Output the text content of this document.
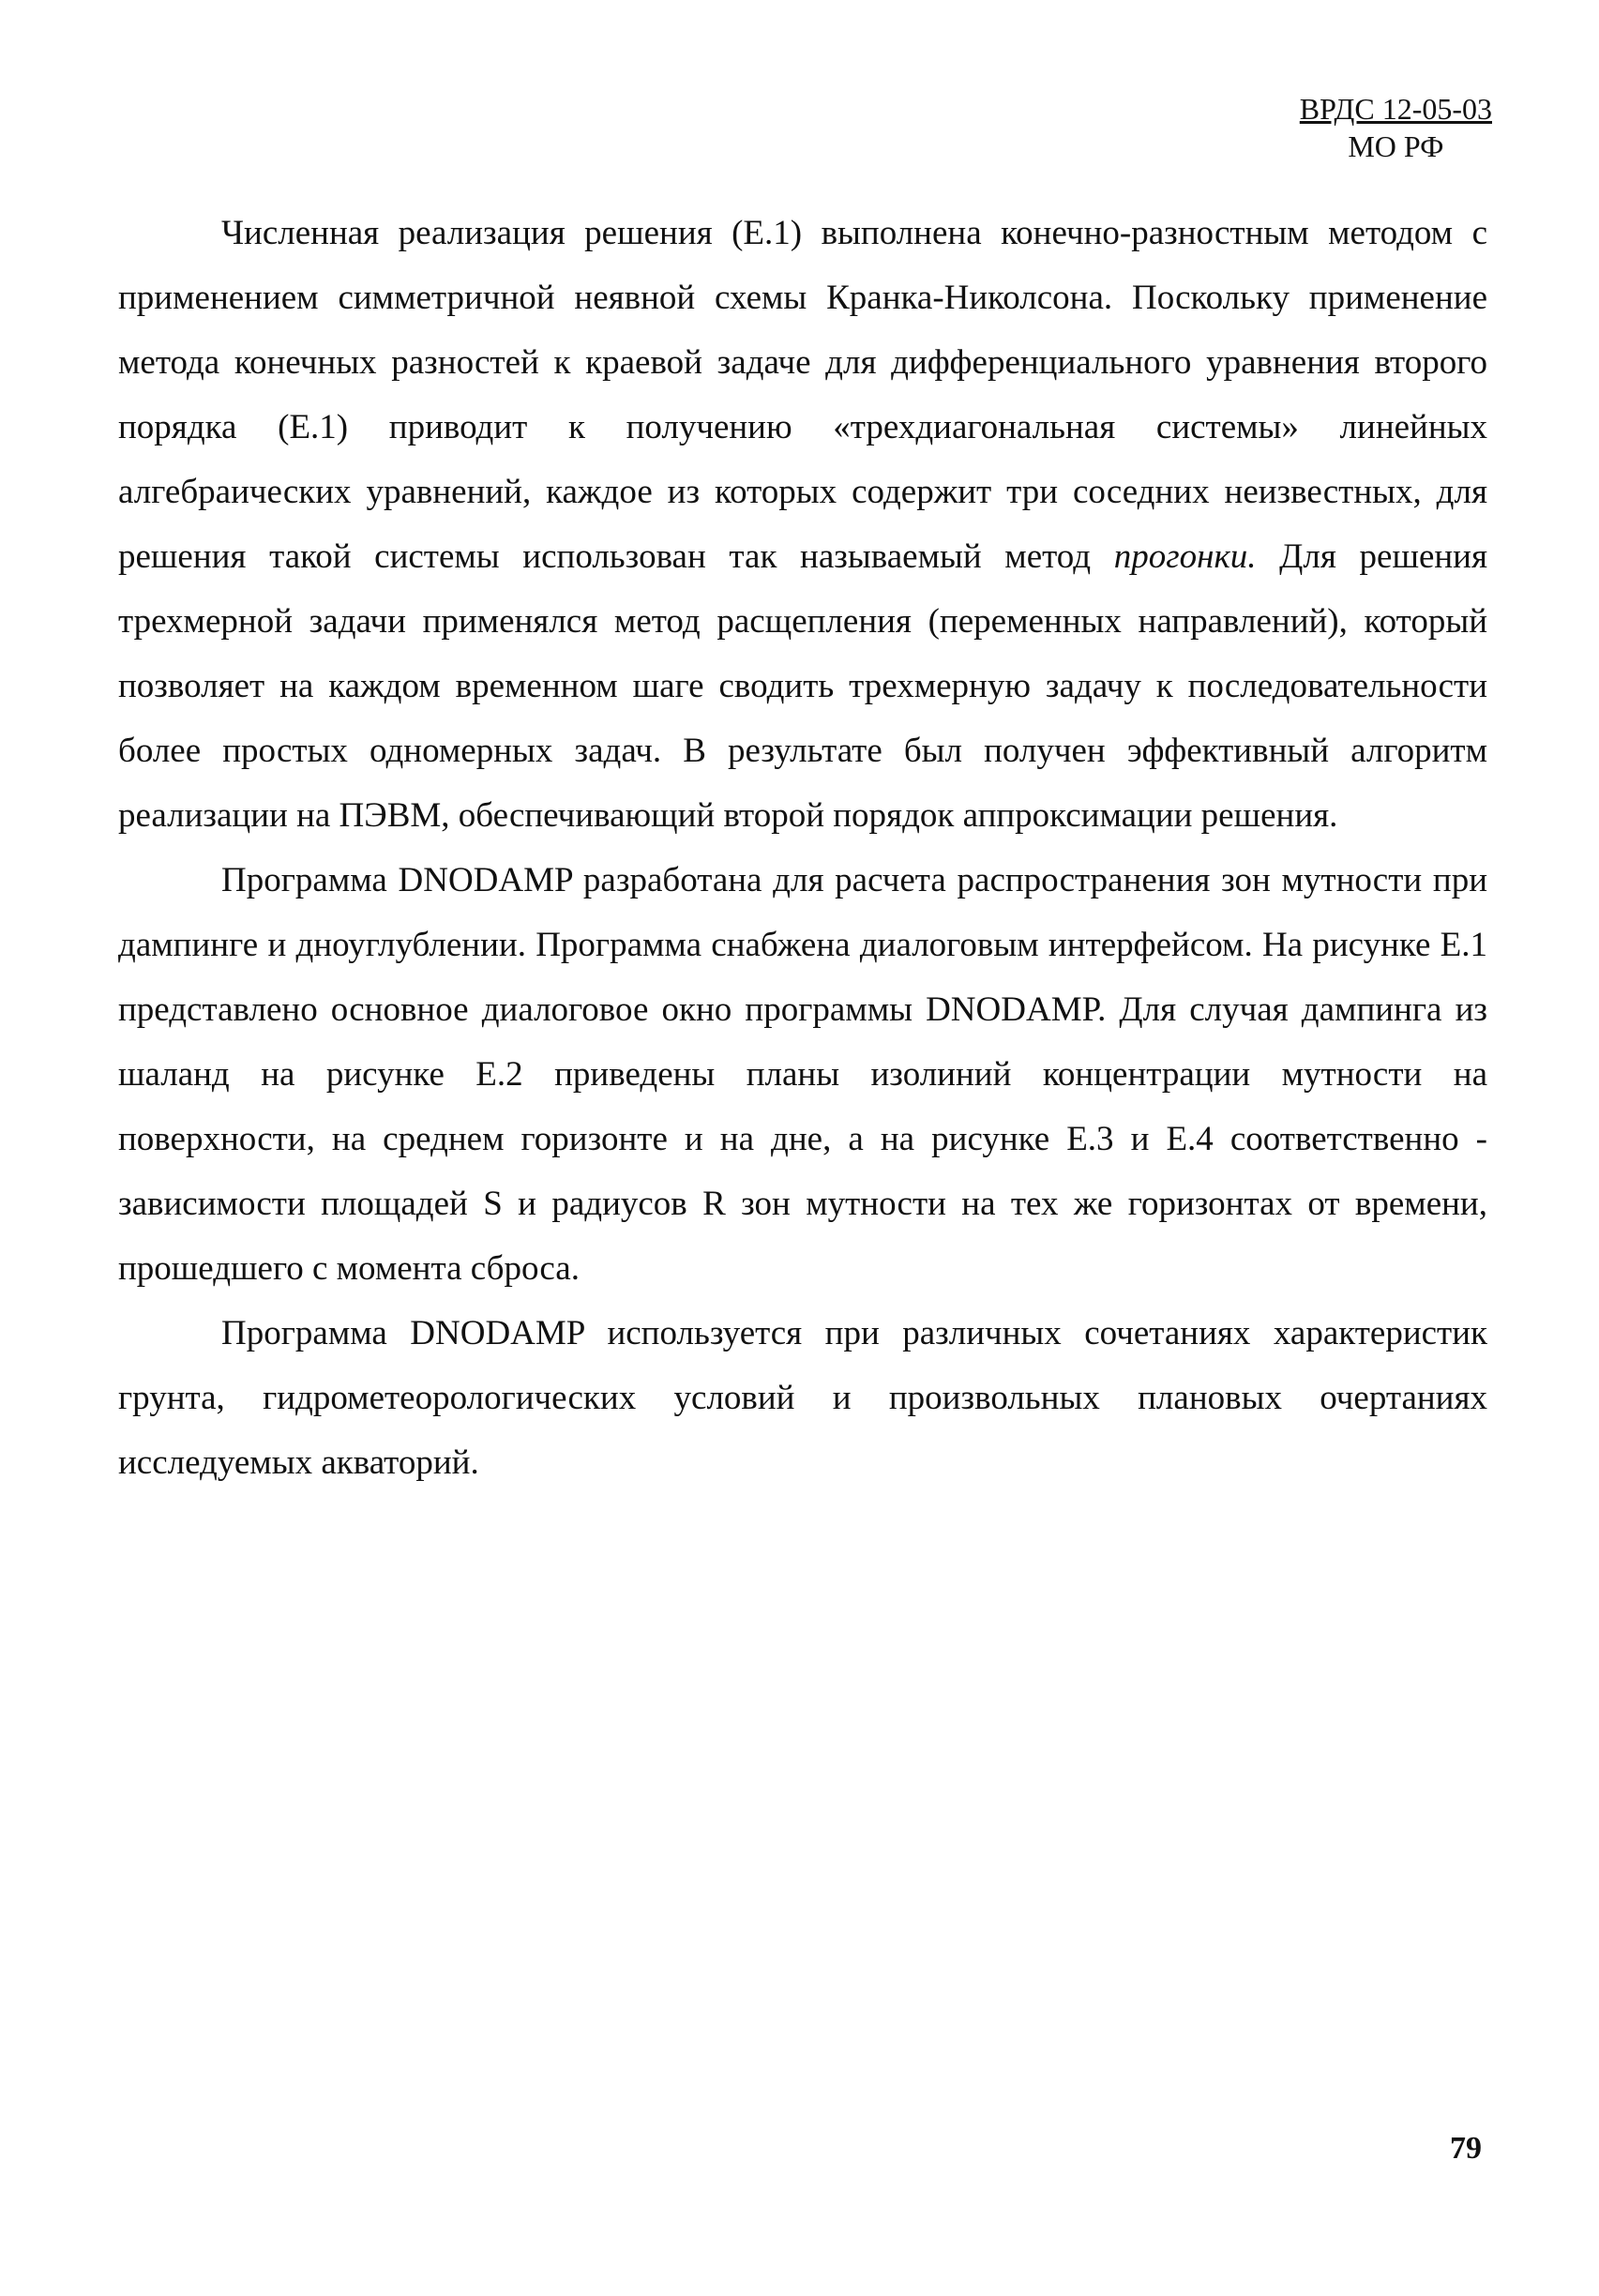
ВРДС 12-05-03
МО РФ

Численная реализация решения (Е.1) выполнена конечно-разностным методом с применением симметричной неявной схемы Кранка-Николсона. Поскольку применение метода конечных разностей к краевой задаче для дифференциального уравнения второго порядка (Е.1) приводит к получению «трехдиагональная системы» линейных алгебраических уравнений, каждое из которых содержит три соседних неизвестных, для решения такой системы использован так называемый метод прогонки. Для решения трехмерной задачи применялся метод расщепления (переменных направлений), который позволяет на каждом временном шаге сводить трехмерную задачу к последовательности более простых одномерных задач. В результате был получен эффективный алгоритм реализации на ПЭВМ, обеспечивающий второй порядок аппроксимации решения.

Программа DNODAMP разработана для расчета распространения зон мутности при дампинге и дноуглублении. Программа снабжена диалоговым интерфейсом. На рисунке Е.1 представлено основное диалоговое окно программы DNODAMP. Для случая дампинга из шаланд на рисунке Е.2 приведены планы изолиний концентрации мутности на поверхности, на среднем горизонте и на дне, а на рисунке Е.3 и Е.4 соответственно - зависимости площадей S и радиусов R зон мутности на тех же горизонтах от времени, прошедшего с момента сброса.

Программа DNODAMP используется при различных сочетаниях характеристик грунта, гидрометеорологических условий и произвольных плановых очертаниях исследуемых акваторий.

79
